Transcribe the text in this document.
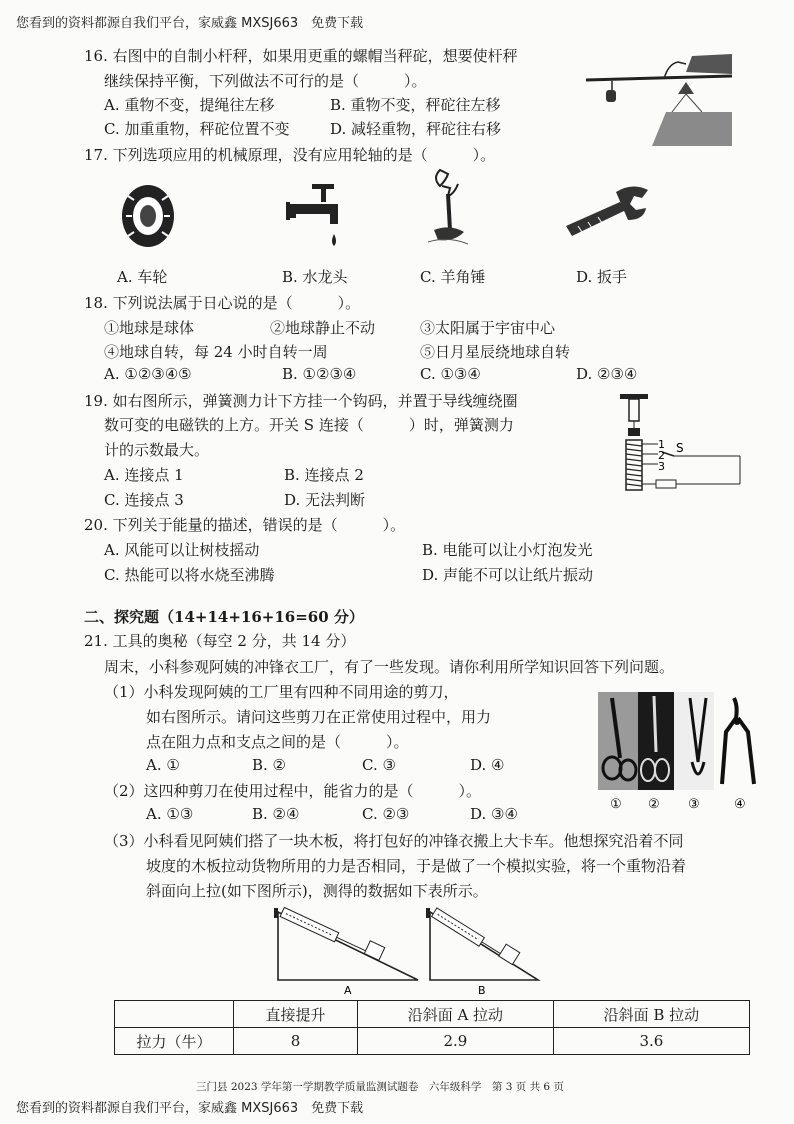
您看到的资料都源自我们平台，家威鑫 MXSJ663　免费下载
16. 右图中的自制小杆秤，如果用更重的螺帽当秤砣，想要使杆秤
继续保持平衡，下列做法不可行的是（　　　）。
A. 重物不变，提绳往左移	B. 重物不变，秤砣往左移
C. 加重重物，秤砣位置不变	D. 减轻重物，秤砣往右移
17. 下列选项应用的机械原理，没有应用轮轴的是（　　　）。
A. 车轮	B. 水龙头	C. 羊角锤	D. 扳手
18. 下列说法属于日心说的是（　　　）。
①地球是球体	②地球静止不动	③太阳属于宇宙中心
④地球自转，每 24 小时自转一周	⑤日月星辰绕地球自转
A. ①②③④⑤	B. ①②③④	C. ①③④	D. ②③④
19. 如右图所示，弹簧测力计下方挂一个钩码，并置于导线缠绕圈
数可变的电磁铁的上方。开关 S 连接（　　　）时，弹簧测力
计的示数最大。
A. 连接点 1	B. 连接点 2
C. 连接点 3	D. 无法判断
1
2
3
S
20. 下列关于能量的描述，错误的是（　　　）。
A. 风能可以让树枝摇动	B. 电能可以让小灯泡发光
C. 热能可以将水烧至沸腾	D. 声能不可以让纸片振动
二、探究题（14+14+16+16=60 分）
21. 工具的奥秘（每空 2 分，共 14 分）
周末，小科参观阿姨的冲锋衣工厂，有了一些发现。请你利用所学知识回答下列问题。
（1）小科发现阿姨的工厂里有四种不同用途的剪刀，
如右图所示。请问这些剪刀在正常使用过程中，用力
点在阻力点和支点之间的是（　　　）。
A. ①	B. ②	C. ③	D. ④
（2）这四种剪刀在使用过程中，能省力的是（　　　）。
A. ①③	B. ②④	C. ②③	D. ③④
① ② ③	④
（3）小科看见阿姨们搭了一块木板，将打包好的冲锋衣搬上大卡车。他想探究沿着不同
坡度的木板拉动货物所用的力是否相同，于是做了一个模拟实验，将一个重物沿着
斜面向上拉(如下图所示)，测得的数据如下表所示。
A	B
	直接提升	沿斜面 A 拉动	沿斜面 B 拉动
拉力（牛）	8	2.9	3.6
三门县 2023 学年第一学期教学质量监测试题卷　六年级科学　第 3 页 共 6 页
您看到的资料都源自我们平台，家威鑫 MXSJ663　免费下载
